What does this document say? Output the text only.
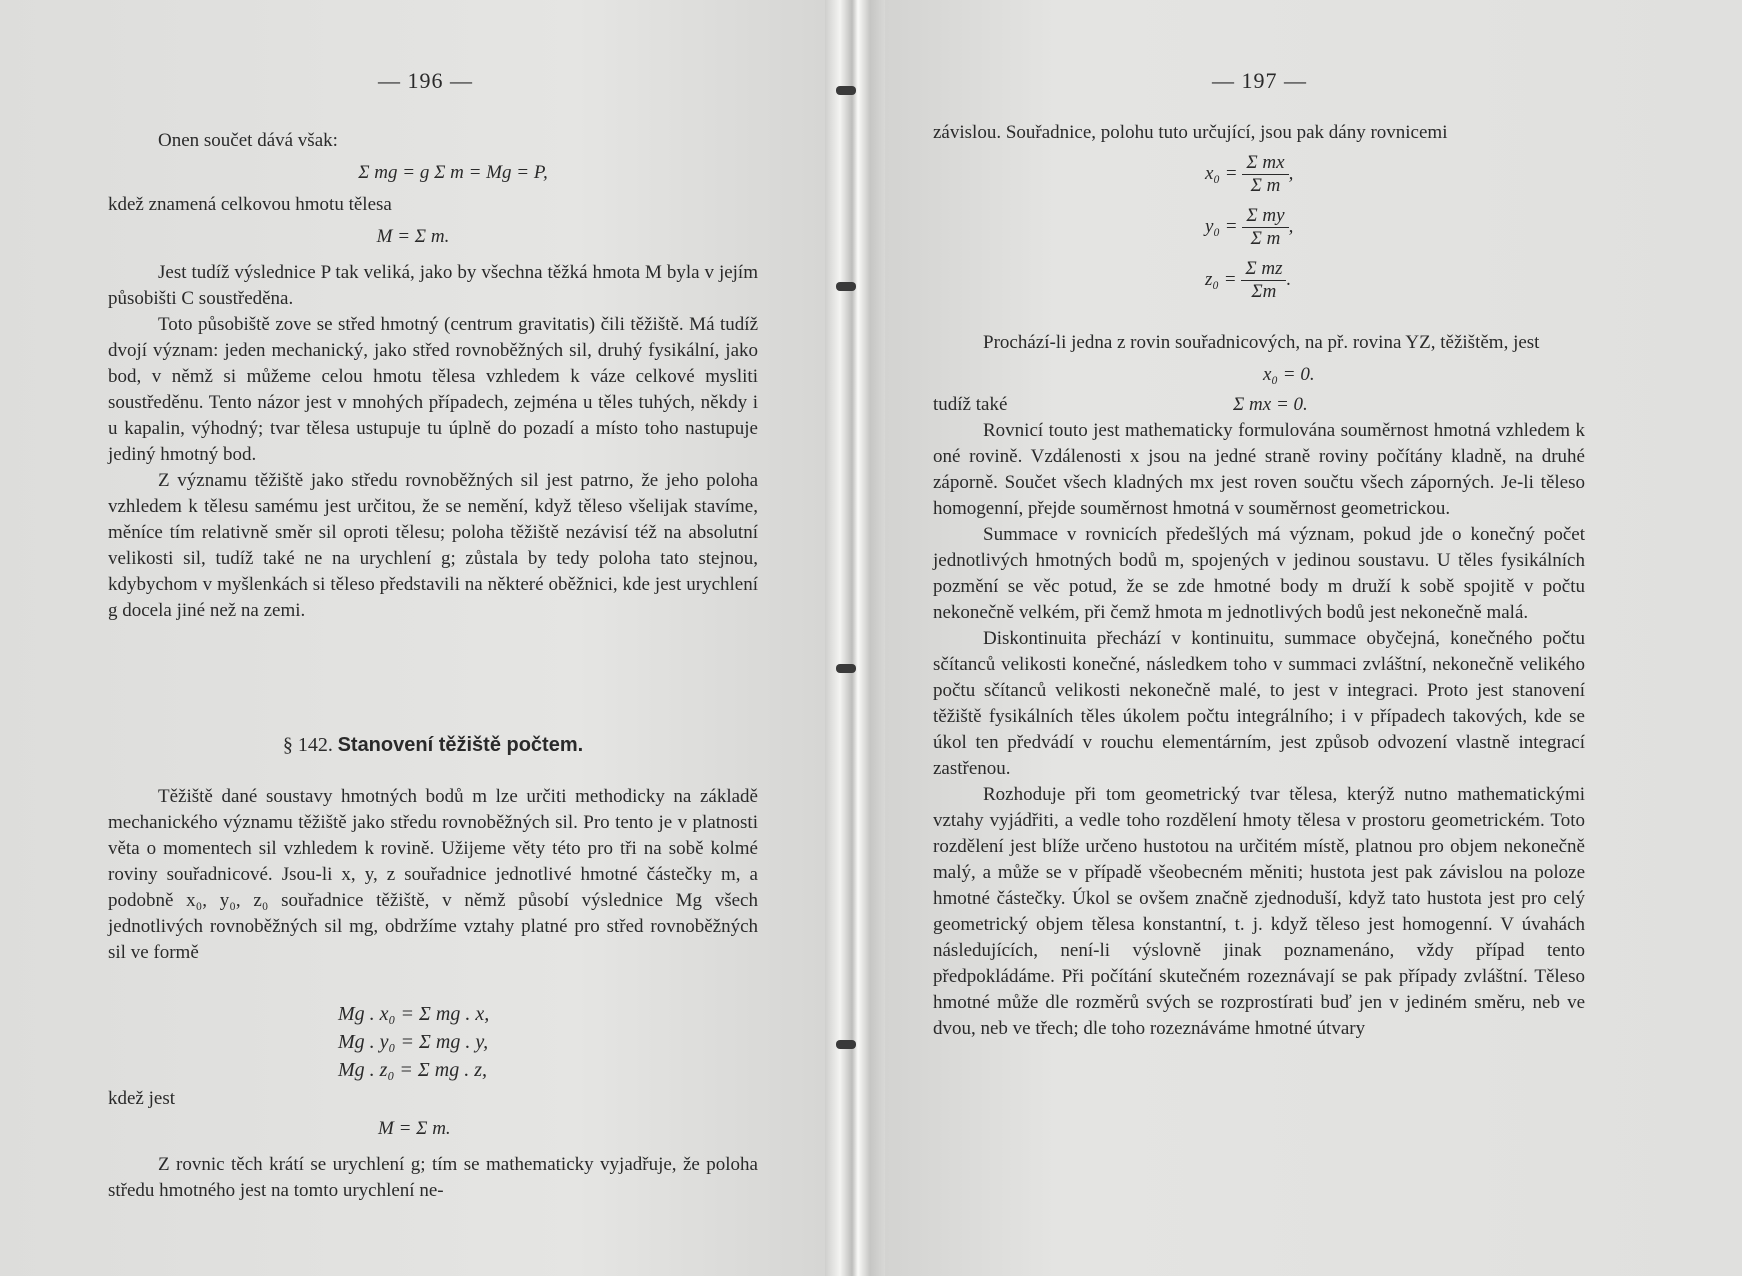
— 196 —

Onen součet dává však:

Σ mg = g Σ m = Mg = P,

kdež znamená celkovou hmotu tělesa

M = Σ m.

Jest tudíž výslednice P tak veliká, jako by všechna těžká hmota M byla v jejím působišti C soustředěna.

Toto působiště zove se střed hmotný (centrum gravitatis) čili těžiště. Má tudíž dvojí význam: jeden mechanický, jako střed rovnoběžných sil, druhý fysikální, jako bod, v němž si můžeme celou hmotu tělesa vzhledem k váze celkové mysliti soustředěnu. Tento názor jest v mnohých případech, zejména u těles tuhých, někdy i u kapalin, výhodný; tvar tělesa ustupuje tu úplně do pozadí a místo toho nastupuje jediný hmotný bod.

Z významu těžiště jako středu rovnoběžných sil jest patrno, že jeho poloha vzhledem k tělesu samému jest určitou, že se nemění, když těleso všelijak stavíme, měníce tím relativně směr sil oproti tělesu; poloha těžiště nezávisí též na absolutní velikosti sil, tudíž také ne na urychlení g; zůstala by tedy poloha tato stejnou, kdybychom v myšlenkách si těleso představili na některé oběžnici, kde jest urychlení g docela jiné než na zemi.

§ 142. Stanovení těžiště počtem.

Těžiště dané soustavy hmotných bodů m lze určiti methodicky na základě mechanického významu těžiště jako středu rovnoběžných sil. Pro tento je v platnosti věta o momentech sil vzhledem k rovině. Užijeme věty této pro tři na sobě kolmé roviny souřadnicové. Jsou-li x, y, z souřadnice jednotlivé hmotné částečky m, a podobně x₀, y₀, z₀ souřadnice těžiště, v němž působí výslednice Mg všech jednotlivých rovnoběžných sil mg, obdržíme vztahy platné pro střed rovnoběžných sil ve formě

Mg . x₀ = Σ mg . x,
Mg . y₀ = Σ mg . y,
Mg . z₀ = Σ mg . z,

kdež jest

M = Σ m.

Z rovnic těch krátí se urychlení g; tím se mathematicky vyjadřuje, že poloha středu hmotného jest na tomto urychlení ne-

— 197 —

závislou. Souřadnice, polohu tuto určující, jsou pak dány rovnicemi

$x_0 = \frac{\text{Σ mx}}{\text{Σ m}}$ ,
$y_0 = \frac{\text{Σ my}}{\text{Σ m}}$ ,
$z_0 = \frac{\text{Σ mz}}{\Sigma m}$ .

Prochází-li jedna z rovin souřadnicových, na př. rovina YZ, těžištěm, jest

x₀ = 0.

tudíž také	Σ mx = 0.

Rovnicí touto jest mathematicky formulována souměrnost hmotná vzhledem k oné rovině. Vzdálenosti x jsou na jedné straně roviny počítány kladně, na druhé záporně. Součet všech kladných mx jest roven součtu všech záporných. Je-li těleso homogenní, přejde souměrnost hmotná v souměrnost geometrickou.

Summace v rovnicích předešlých má význam, pokud jde o konečný počet jednotlivých hmotných bodů m, spojených v jedinou soustavu. U těles fysikálních pozmění se věc potud, že se zde hmotné body m druží k sobě spojitě v počtu nekonečně velkém, při čemž hmota m jednotlivých bodů jest nekonečně malá.

Diskontinuita přechází v kontinuitu, summace obyčejná, konečného počtu sčítanců velikosti konečné, následkem toho v summaci zvláštní, nekonečně velikého počtu sčítanců velikosti nekonečně malé, to jest v integraci. Proto jest stanovení těžiště fysikálních těles úkolem počtu integrálního; i v případech takových, kde se úkol ten předvádí v rouchu elementárním, jest způsob odvození vlastně integrací zastřenou.

Rozhoduje při tom geometrický tvar tělesa, kterýž nutno mathematickými vztahy vyjádřiti, a vedle toho rozdělení hmoty tělesa v prostoru geometrickém. Toto rozdělení jest blíže určeno hustotou na určitém místě, platnou pro objem nekonečně malý, a může se v případě všeobecném měniti; hustota jest pak závislou na poloze hmotné částečky. Úkol se ovšem značně zjednoduší, když tato hustota jest pro celý geometrický objem tělesa konstantní, t. j. když těleso jest homogenní. V úvahách následujících, není-li výslovně jinak poznamenáno, vždy případ tento předpokládáme. Při počítání skutečném rozeznávají se pak případy zvláštní. Těleso hmotné může dle rozměrů svých se rozprostírati buď jen v jediném směru, neb ve dvou, neb ve třech; dle toho rozeznáváme hmotné útvary
